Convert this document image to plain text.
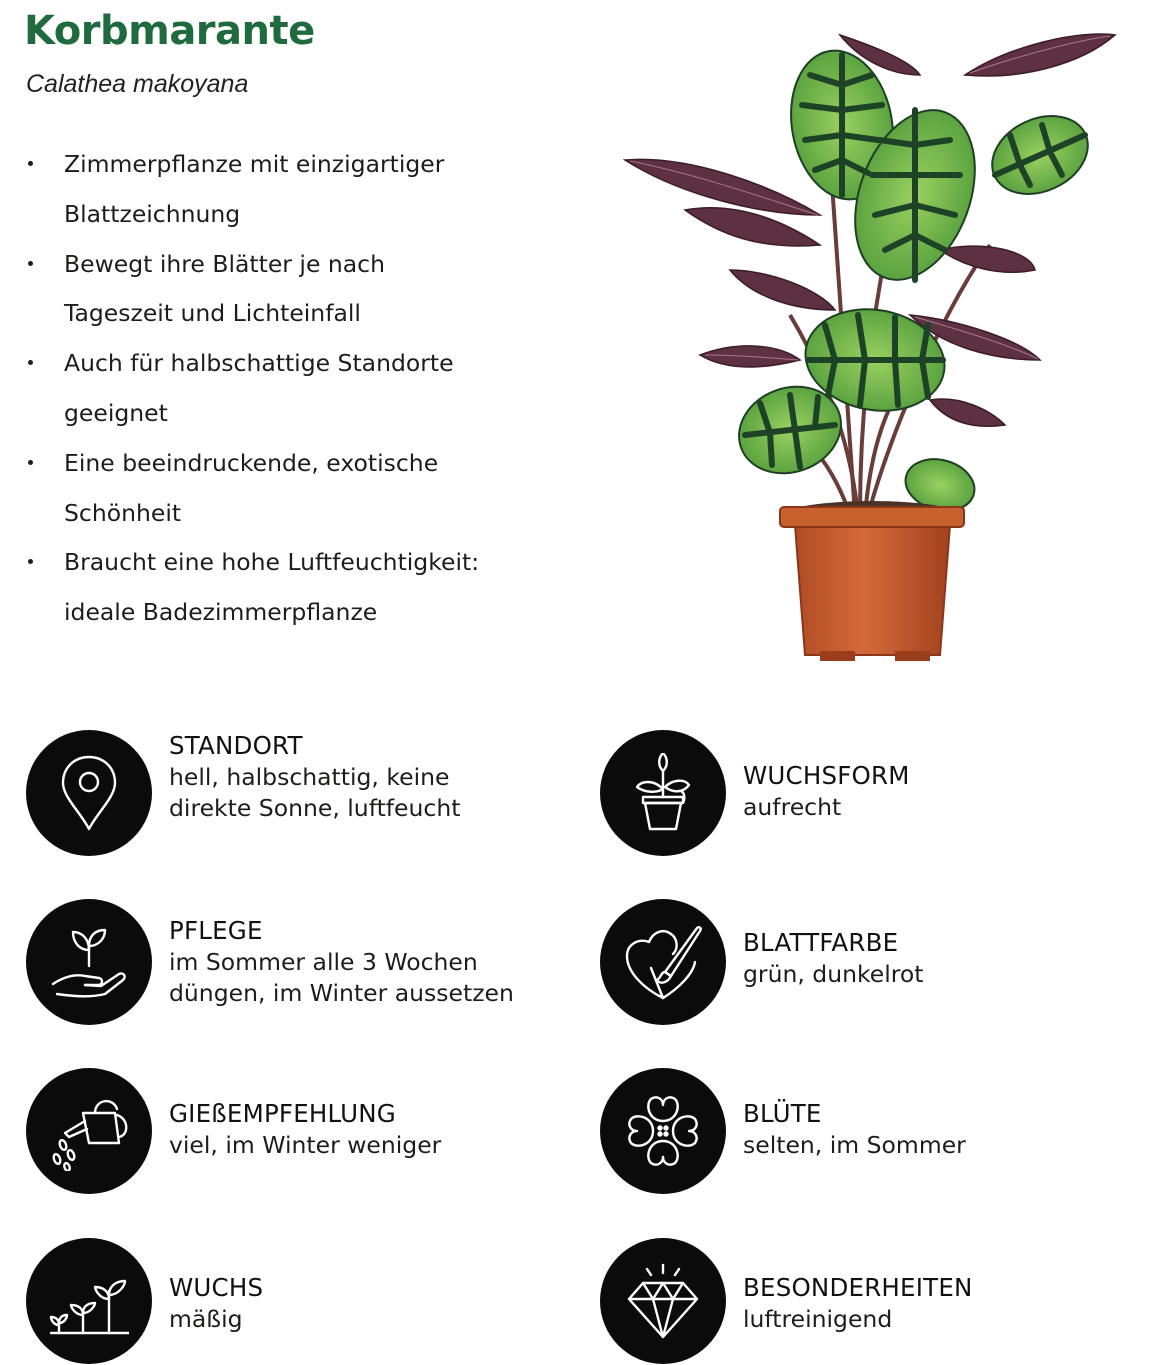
Korbmarante

Calathea makoyana

Zimmerpflanze mit einzigartiger
Blattzeichnung
Bewegt ihre Blätter je nach
Tageszeit und Lichteinfall
Auch für halbschattige Standorte
geeignet
Eine beeindruckende, exotische
Schönheit
Braucht eine hohe Luftfeuchtigkeit:
ideale Badezimmerpflanze
STANDORT
hell, halbschattig, keine
direkte Sonne, luftfeucht
WUCHSFORM
aufrecht
PFLEGE
im Sommer alle 3 Wochen
düngen, im Winter aussetzen
BLATTFARBE
grün, dunkelrot
GIEßEMPFEHLUNG
viel, im Winter weniger
BLÜTE
selten, im Sommer
WUCHS
mäßig
BESONDERHEITEN
luftreinigend
